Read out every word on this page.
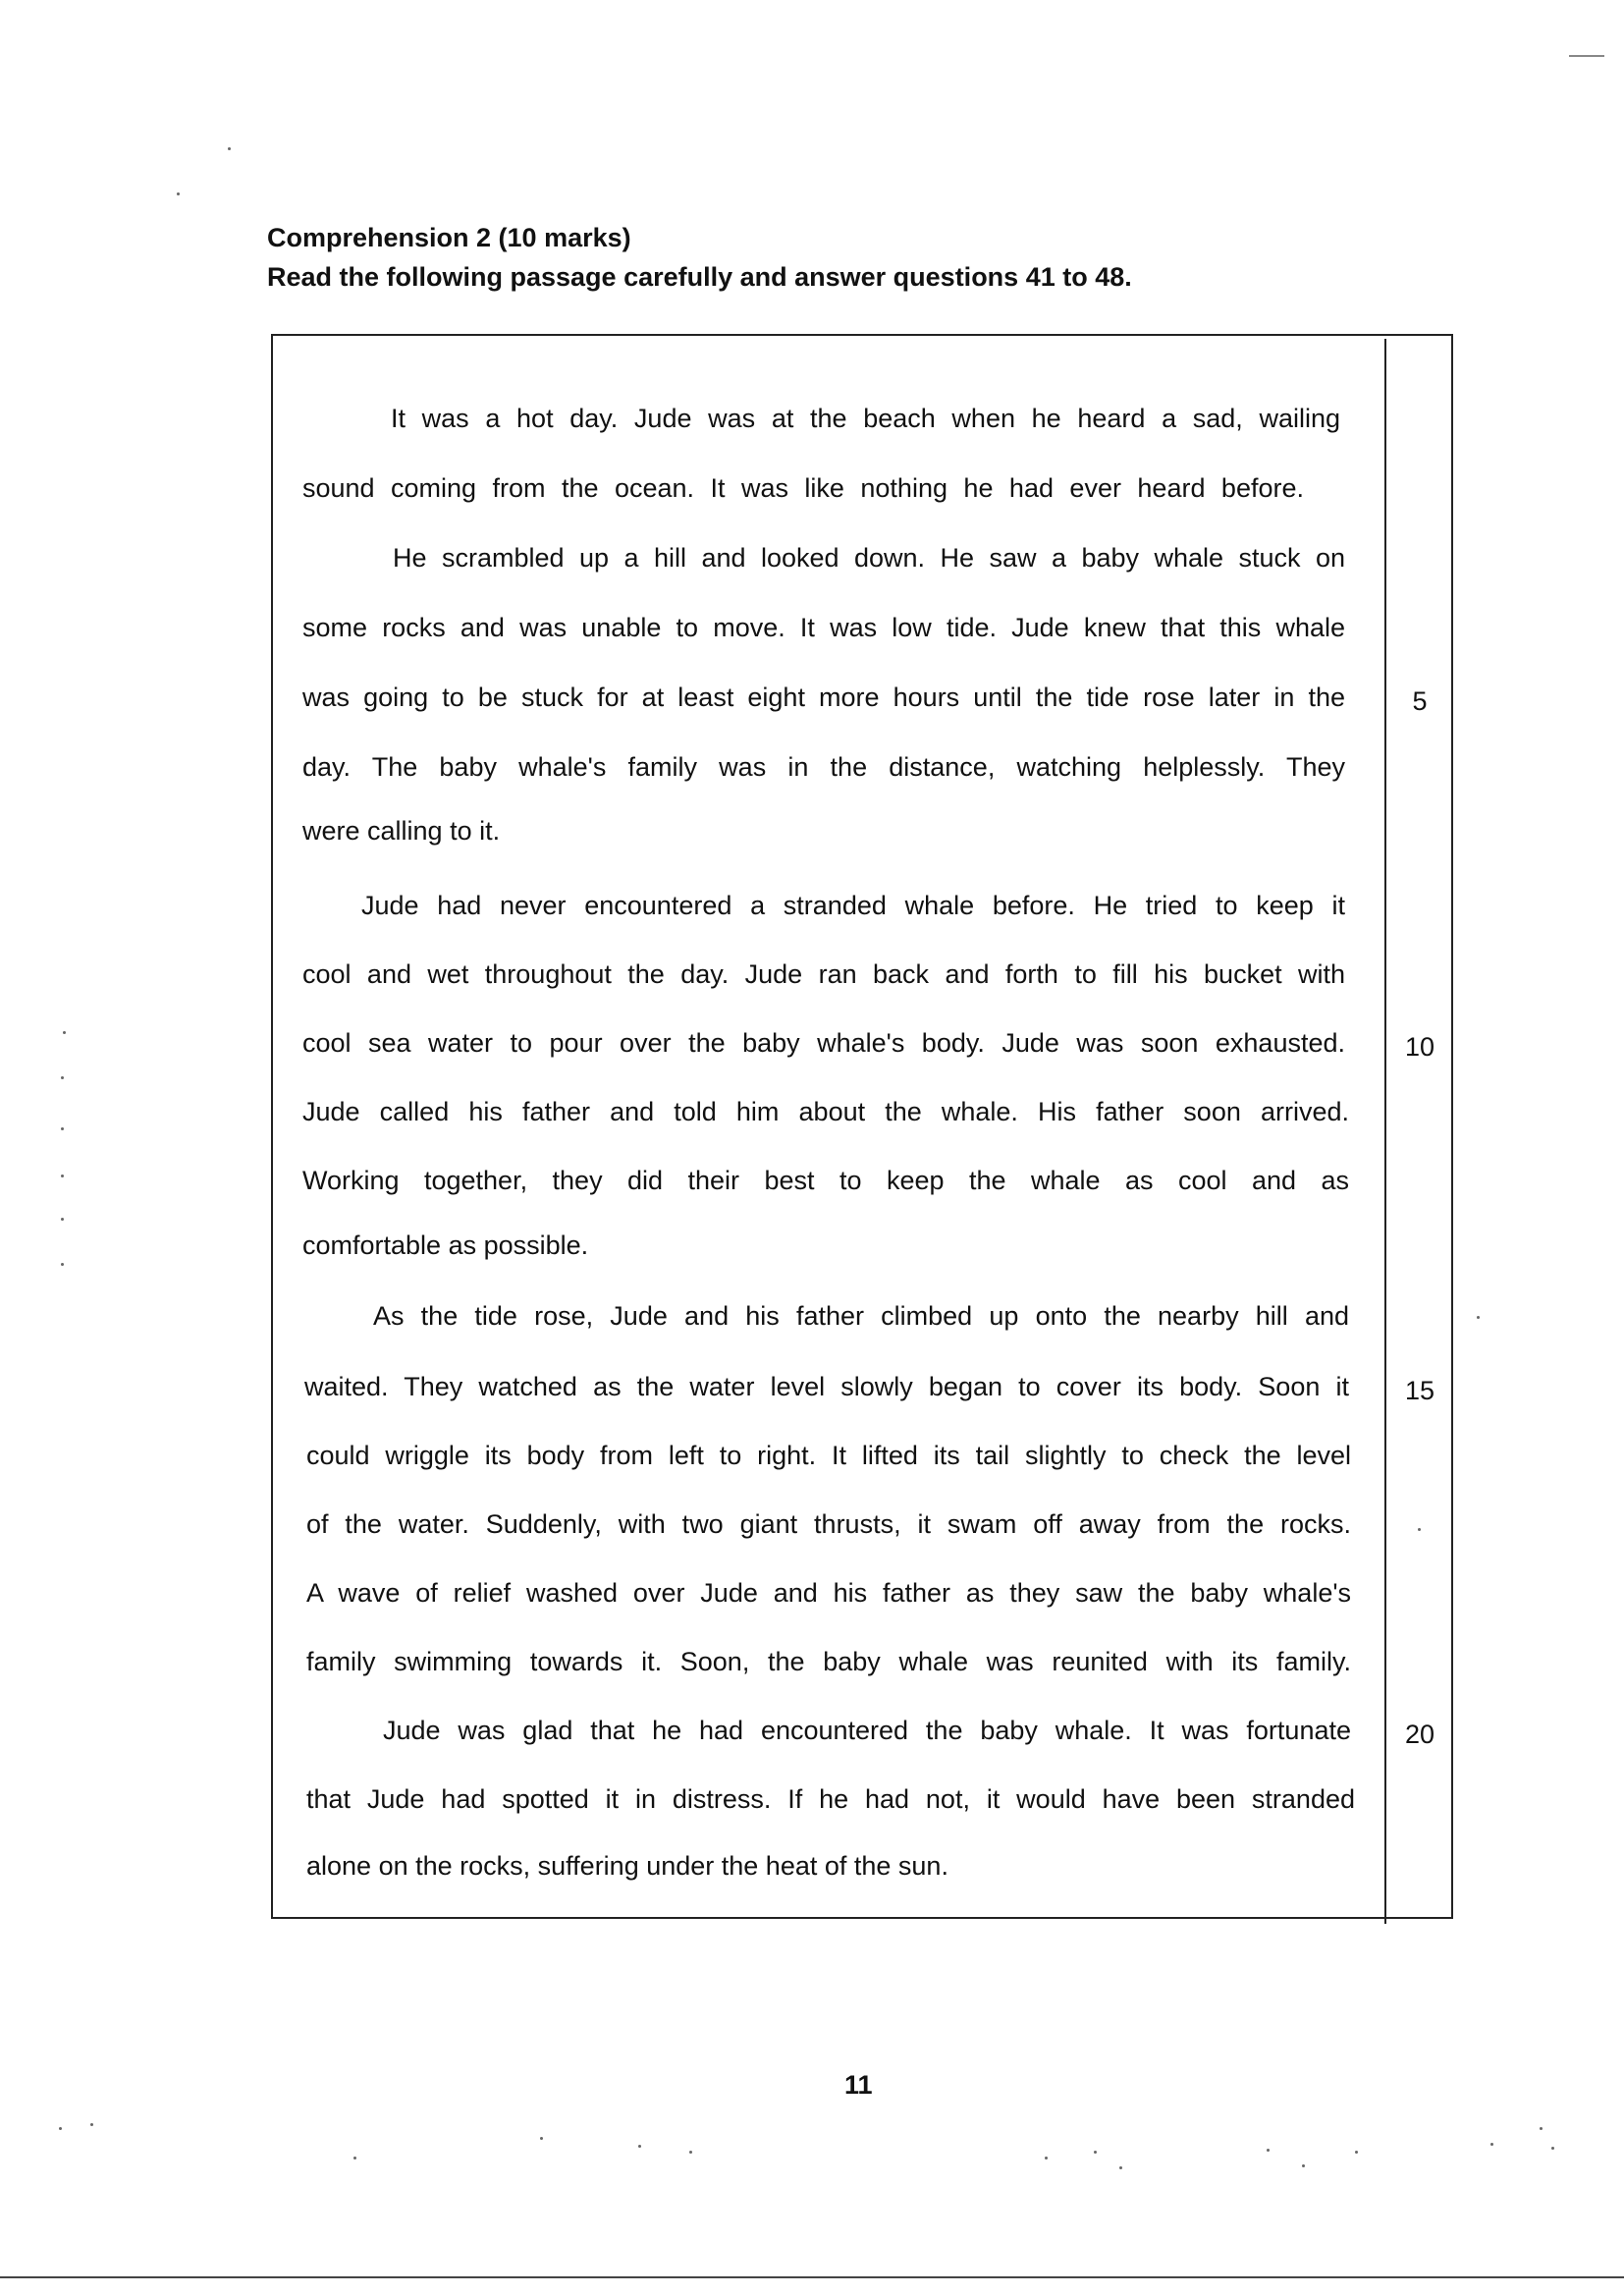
Comprehension 2 (10 marks)
Read the following passage carefully and answer questions 41 to 48.
It was a hot day. Jude was at the beach when he heard a sad, wailing
sound coming from the ocean. It was like nothing he had ever heard before.
He scrambled up a hill and looked down. He saw a baby whale stuck on
some rocks and was unable to move. It was low tide. Jude knew that this whale
was going to be stuck for at least eight more hours until the tide rose later in the
day. The baby whale's family was in the distance, watching helplessly. They
were calling to it.
Jude had never encountered a stranded whale before. He tried to keep it
cool and wet throughout the day. Jude ran back and forth to fill his bucket with
cool sea water to pour over the baby whale's body. Jude was soon exhausted.
Jude called his father and told him about the whale. His father soon arrived.
Working together, they did their best to keep the whale as cool and as
comfortable as possible.
As the tide rose, Jude and his father climbed up onto the nearby hill and
waited. They watched as the water level slowly began to cover its body. Soon it
could wriggle its body from left to right. It lifted its tail slightly to check the level
of the water. Suddenly, with two giant thrusts, it swam off away from the rocks.
A wave of relief washed over Jude and his father as they saw the baby whale's
family swimming towards it. Soon, the baby whale was reunited with its family.
Jude was glad that he had encountered the baby whale. It was fortunate
that Jude had spotted it in distress. If he had not, it would have been stranded
alone on the rocks, suffering under the heat of the sun.
5
10
15
20
11
